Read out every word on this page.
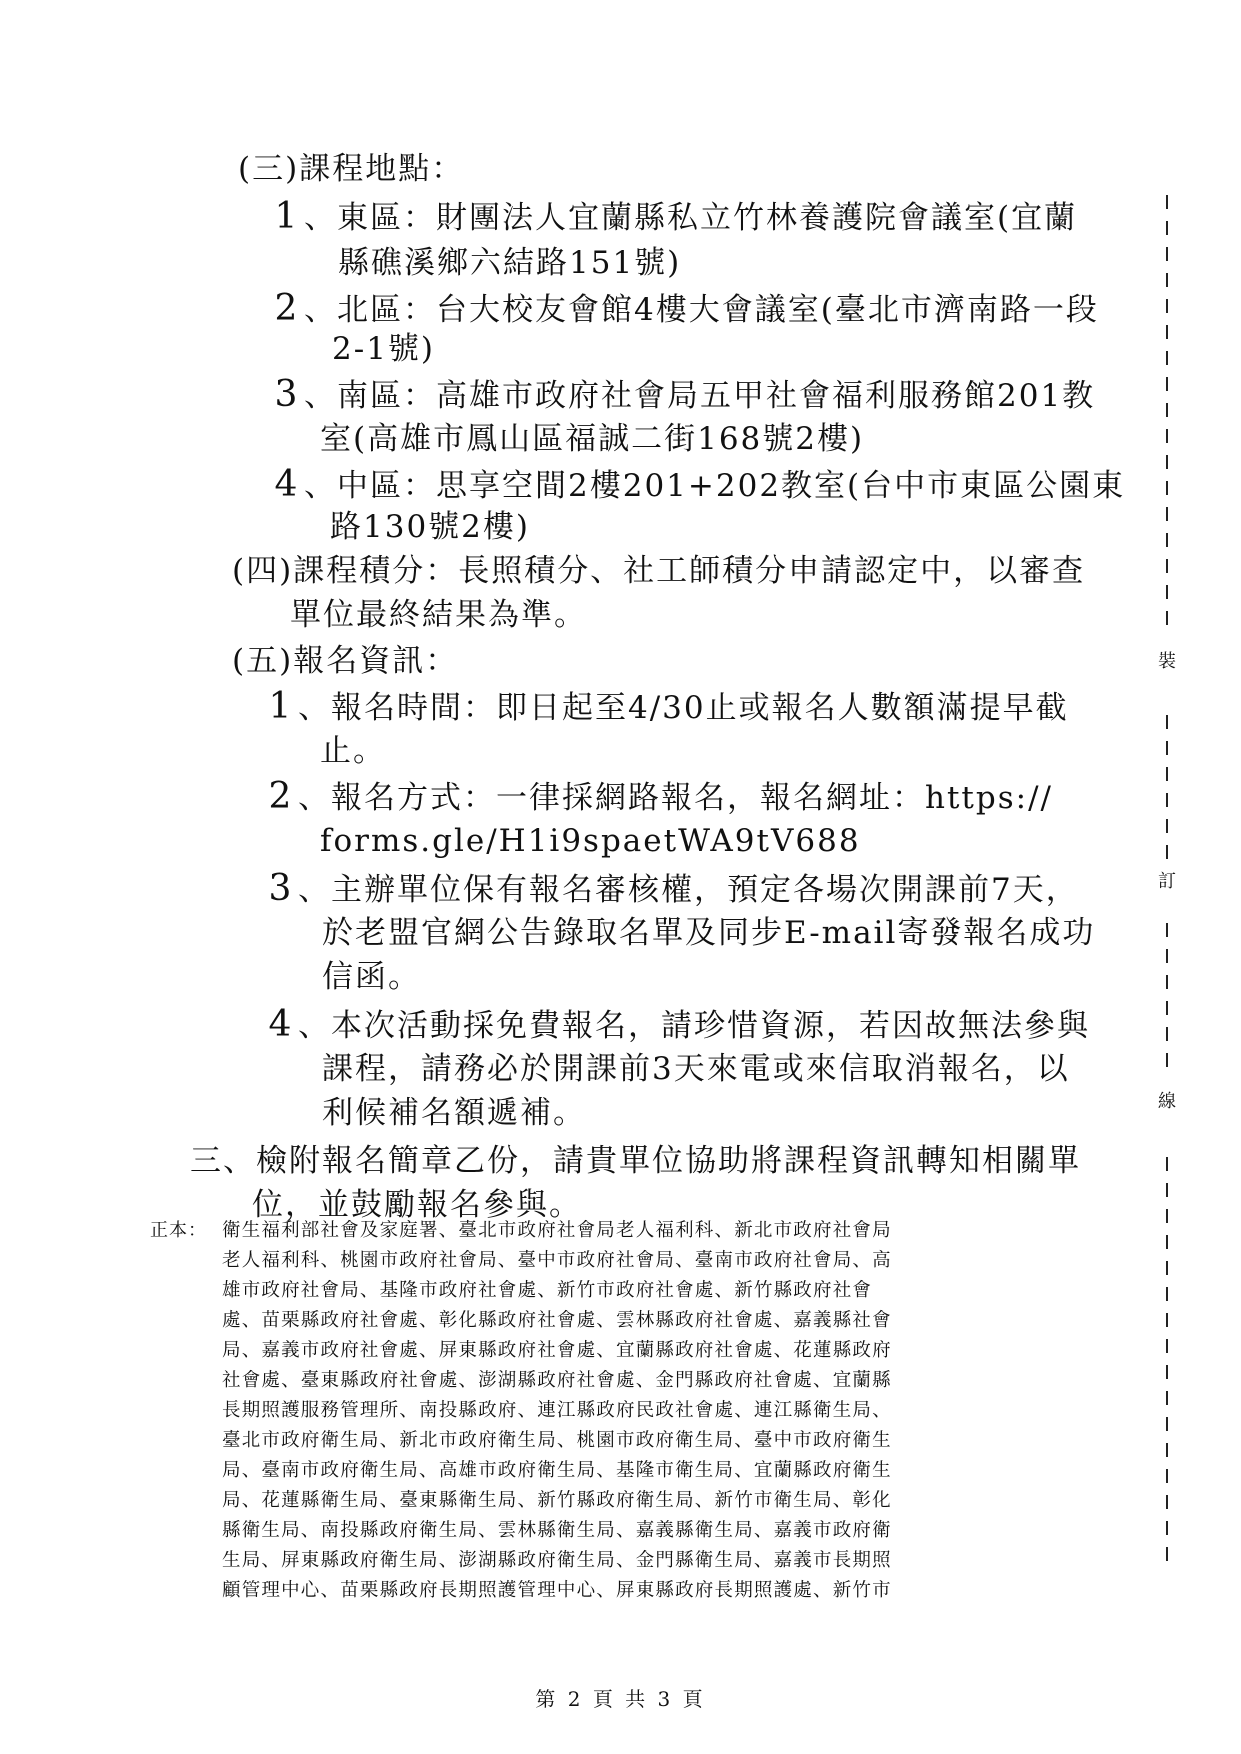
(三)課程地點：
1 、東區：財團法人宜蘭縣私立竹林養護院會議室(宜蘭
縣礁溪鄉六結路151號)
2 、北區：台大校友會館4樓大會議室(臺北市濟南路一段
2-1號)
3 、南區：高雄市政府社會局五甲社會福利服務館201教
室(高雄市鳳山區福誠二街168號2樓)
4 、中區：思享空間2樓201+202教室(台中市東區公園東
路130號2樓)
(四)課程積分：長照積分、社工師積分申請認定中，以審查
單位最終結果為準。
(五)報名資訊：
1 、報名時間：即日起至4/30止或報名人數額滿提早截
止。
2 、報名方式：一律採網路報名，報名網址：https://
forms.gle/H1i9spaetWA9tV688
3 、主辦單位保有報名審核權，預定各場次開課前7天，
於老盟官網公告錄取名單及同步E-mail寄發報名成功
信函。
4 、本次活動採免費報名，請珍惜資源，若因故無法參與
課程，請務必於開課前3天來電或來信取消報名，以
利候補名額遞補。
三、檢附報名簡章乙份，請貴單位協助將課程資訊轉知相關單
位，並鼓勵報名參與。
正本： 衛生福利部社會及家庭署、臺北市政府社會局老人福利科、新北市政府社會局
老人福利科、桃園市政府社會局、臺中市政府社會局、臺南市政府社會局、高
雄市政府社會局、基隆市政府社會處、新竹市政府社會處、新竹縣政府社會
處、苗栗縣政府社會處、彰化縣政府社會處、雲林縣政府社會處、嘉義縣社會
局、嘉義市政府社會處、屏東縣政府社會處、宜蘭縣政府社會處、花蓮縣政府
社會處、臺東縣政府社會處、澎湖縣政府社會處、金門縣政府社會處、宜蘭縣
長期照護服務管理所、南投縣政府、連江縣政府民政社會處、連江縣衛生局、
臺北市政府衛生局、新北市政府衛生局、桃園市政府衛生局、臺中市政府衛生
局、臺南市政府衛生局、高雄市政府衛生局、基隆市衛生局、宜蘭縣政府衛生
局、花蓮縣衛生局、臺東縣衛生局、新竹縣政府衛生局、新竹市衛生局、彰化
縣衛生局、南投縣政府衛生局、雲林縣衛生局、嘉義縣衛生局、嘉義市政府衛
生局、屏東縣政府衛生局、澎湖縣政府衛生局、金門縣衛生局、嘉義市長期照
顧管理中心、苗栗縣政府長期照護管理中心、屏東縣政府長期照護處、新竹市
裝
訂
線
第 2 頁 共 3 頁
